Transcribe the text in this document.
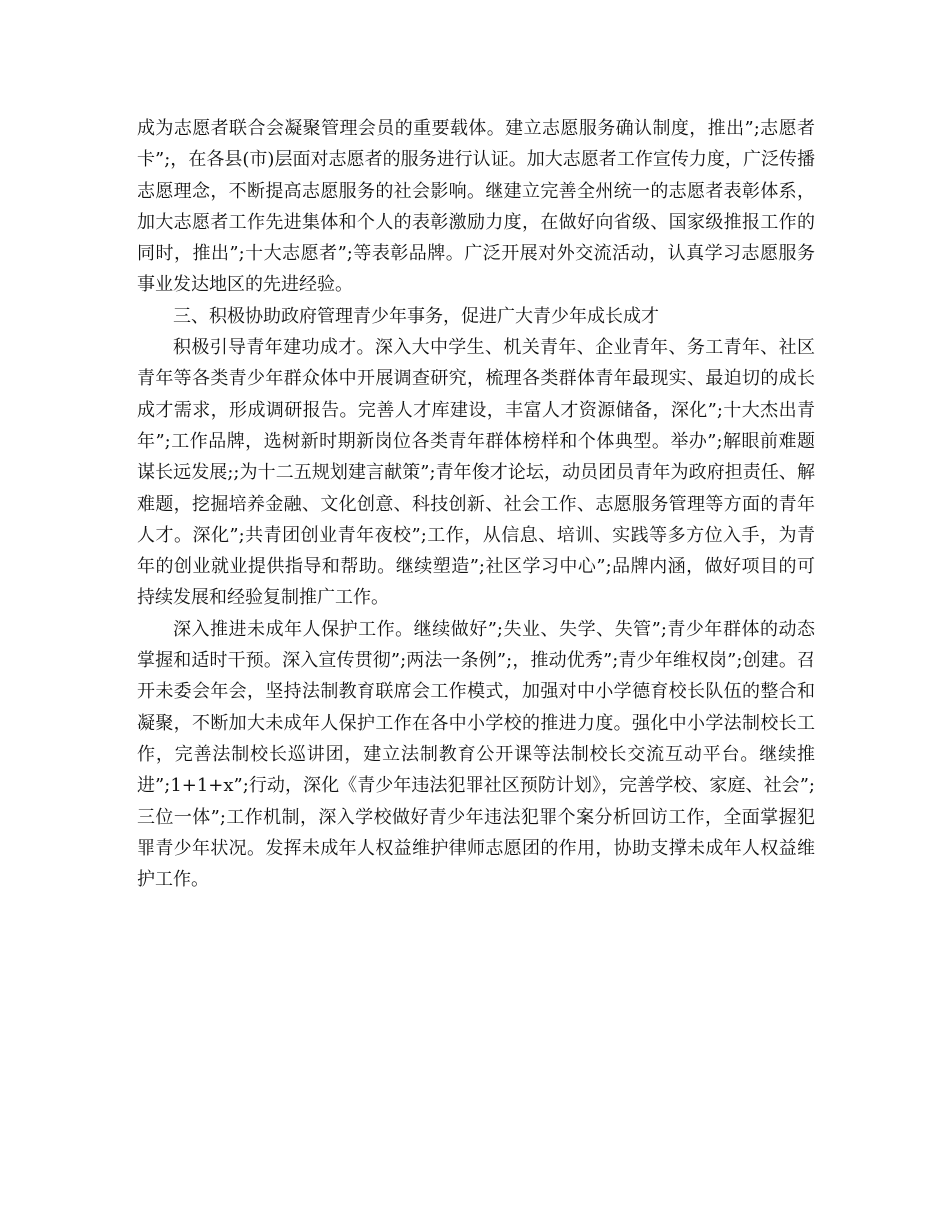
成为志愿者联合会凝聚管理会员的重要载体。建立志愿服务确认制度，推出”;志愿者卡”;，在各县(市)层面对志愿者的服务进行认证。加大志愿者工作宣传力度，广泛传播志愿理念，不断提高志愿服务的社会影响。继建立完善全州统一的志愿者表彰体系，加大志愿者工作先进集体和个人的表彰激励力度，在做好向省级、国家级推报工作的同时，推出”;十大志愿者”;等表彰品牌。广泛开展对外交流活动，认真学习志愿服务事业发达地区的先进经验。

三、积极协助政府管理青少年事务，促进广大青少年成长成才

积极引导青年建功成才。深入大中学生、机关青年、企业青年、务工青年、社区青年等各类青少年群众体中开展调查研究，梳理各类群体青年最现实、最迫切的成长成才需求，形成调研报告。完善人才库建设，丰富人才资源储备，深化”;十大杰出青年”;工作品牌，选树新时期新岗位各类青年群体榜样和个体典型。举办”;解眼前难题谋长远发展;;为十二五规划建言献策”;青年俊才论坛，动员团员青年为政府担责任、解难题，挖掘培养金融、文化创意、科技创新、社会工作、志愿服务管理等方面的青年人才。深化”;共青团创业青年夜校”;工作，从信息、培训、实践等多方位入手，为青年的创业就业提供指导和帮助。继续塑造”;社区学习中心”;品牌内涵，做好项目的可持续发展和经验复制推广工作。

深入推进未成年人保护工作。继续做好”;失业、失学、失管”;青少年群体的动态掌握和适时干预。深入宣传贯彻”;两法一条例”;，推动优秀”;青少年维权岗”;创建。召开未委会年会，坚持法制教育联席会工作模式，加强对中小学德育校长队伍的整合和凝聚，不断加大未成年人保护工作在各中小学校的推进力度。强化中小学法制校长工作，完善法制校长巡讲团，建立法制教育公开课等法制校长交流互动平台。继续推进”;1+1+x”;行动，深化《青少年违法犯罪社区预防计划》，完善学校、家庭、社会”;三位一体”;工作机制，深入学校做好青少年违法犯罪个案分析回访工作，全面掌握犯罪青少年状况。发挥未成年人权益维护律师志愿团的作用，协助支撑未成年人权益维护工作。
